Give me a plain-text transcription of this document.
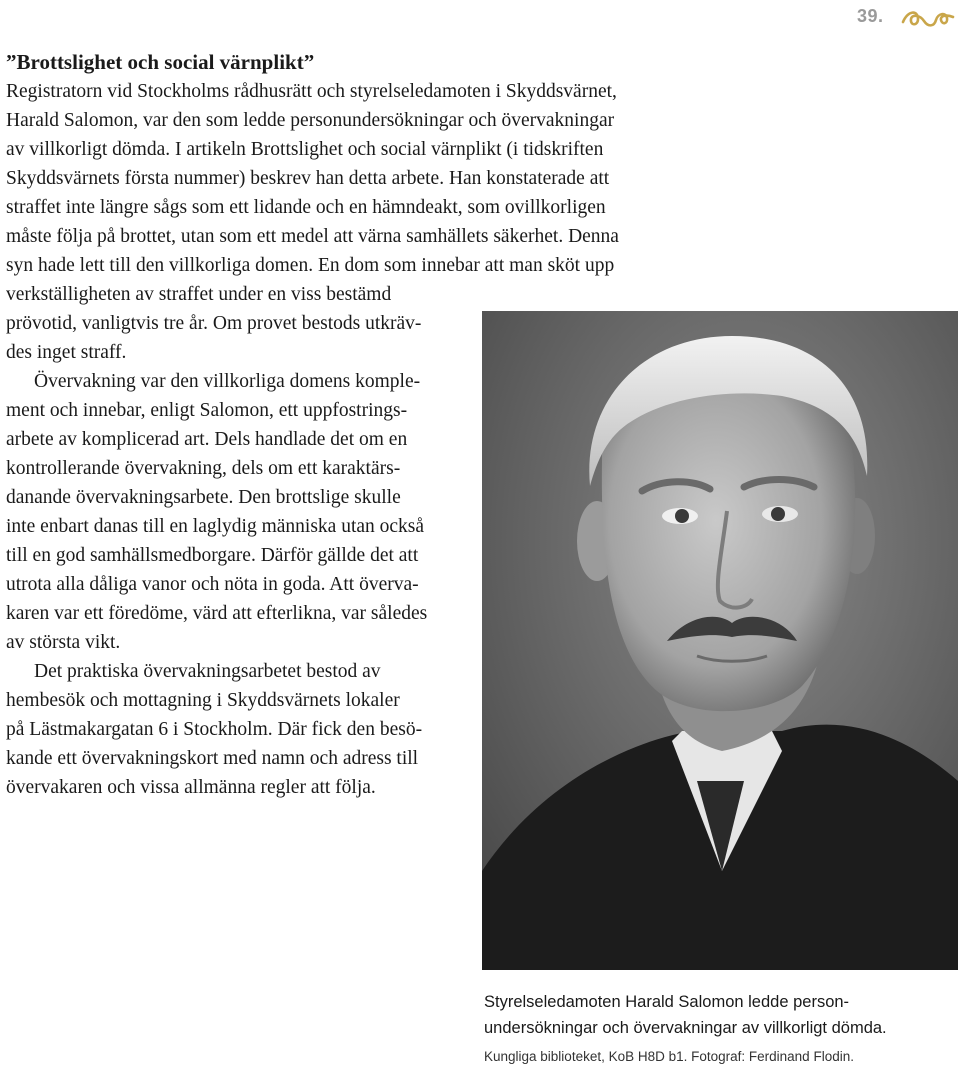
39.
”Brottslighet och social värnplikt”
Registratorn vid Stockholms rådhusrätt och styrelseledamoten i Skyddsvärnet,
Harald Salomon, var den som ledde personundersökningar och övervakningar
av villkorligt dömda. I artikeln Brottslighet och social värnplikt (i tidskriften
Skyddsvärnets första nummer) beskrev han detta arbete. Han konstaterade att
straffet inte längre sågs som ett lidande och en hämndeakt, som ovillkorligen
måste följa på brottet, utan som ett medel att värna samhällets säkerhet. Denna
syn hade lett till den villkorliga domen. En dom som innebar att man sköt upp
verkställigheten av straffet under en viss bestämd
prövotid, vanligtvis tre år. Om provet bestods utkräv-
des inget straff.
Övervakning var den villkorliga domens komple-
ment och innebar, enligt Salomon, ett uppfostrings-
arbete av komplicerad art. Dels handlade det om en
kontrollerande övervakning, dels om ett karaktärs-
danande övervakningsarbete. Den brottslige skulle
inte enbart danas till en laglydig människa utan också
till en god samhällsmedborgare. Därför gällde det att
utrota alla dåliga vanor och nöta in goda. Att överva-
karen var ett föredöme, värd att efterlikna, var således
av största vikt.
Det praktiska övervakningsarbetet bestod av
hembesök och mottagning i Skyddsvärnets lokaler
på Lästmakargatan 6 i Stockholm. Där fick den besö-
kande ett övervakningskort med namn och adress till
övervakaren och vissa allmänna regler att följa.
Styrelseledamoten Harald Salomon ledde person-
undersökningar och övervakningar av villkorligt dömda.
Kungliga biblioteket, KoB H8D b1. Fotograf: Ferdinand Flodin.
